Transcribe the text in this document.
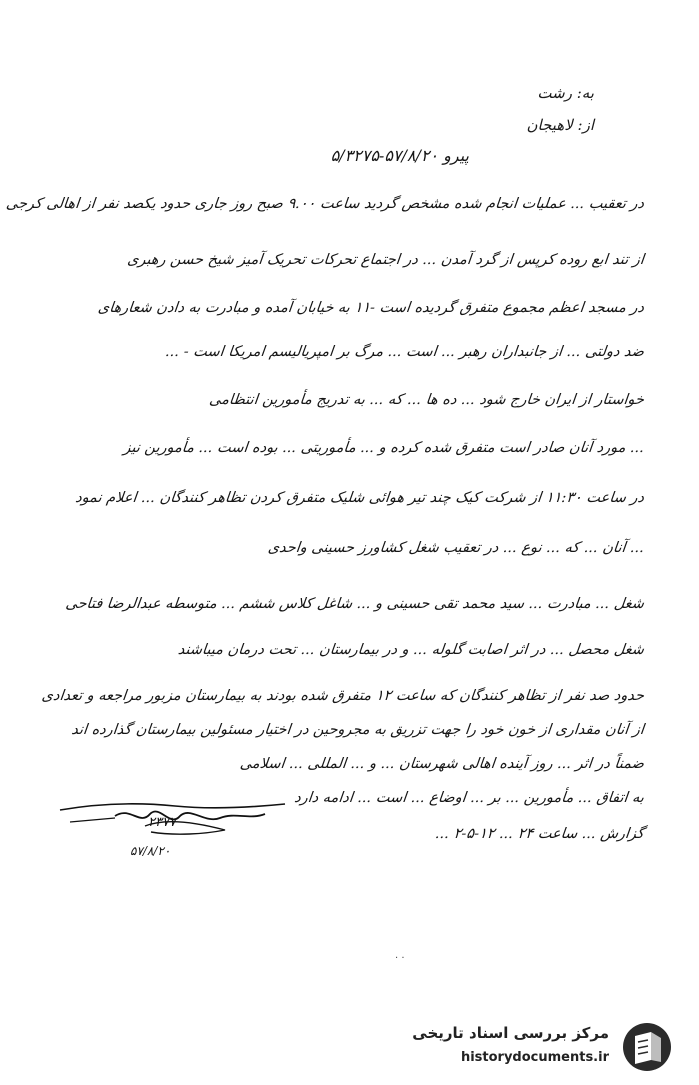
به: رشت
از: لاهیجان
پیرو ۵۷/۸/۲۰-۵/۳۲۷۵
در تعقیب ... عملیات انجام شده مشخص گردید ساعت ۹.۰۰ صبح روز جاری حدود یکصد نفر از اهالی کرجی
از تند ابع روده کرپس از گرد آمدن ... در اجتماع تحرکات تحریک آمیز شیخ حسن رهبری
در مسجد اعظم مجموع متفرق گردیده است -۱۱ به خیابان آمده و مبادرت به دادن شعارهای
ضد دولتی ... از جانبداران رهبر ... است ... مرگ بر امپریالیسم امریکا است - ...
خواستار از ایران خارج شود ... ده ها ... که ... به تدریج مأمورین انتظامی
... مورد آنان صادر است متفرق شده کرده و ... مأموریتی ... بوده است ... مأمورین نیز
در ساعت ۱۱:۳۰ از شرکت کیک چند تیر هوائی شلیک متفرق کردن تظاهر کنندگان ... اعلام نمود
... آنان ... که ... نوع ... در تعقیب شغل کشاورز حسینی واحدی
شغل ... مبادرت ... سید محمد تقی حسینی و ... شاغل کلاس ششم ... متوسطه عبدالرضا فتاحی
شغل محصل ... در اثر اصابت گلوله ... و در بیمارستان ... تحت درمان میباشند
حدود صد نفر از تظاهر کنندگان که ساعت ۱۲ متفرق شده بودند به بیمارستان مزبور مراجعه و تعدادی
از آنان مقداری از خون خود را جهت تزریق به مجروحین در اختیار مسئولین بیمارستان گذارده اند
ضمناً در اثر ... روز آینده اهالی شهرستان ... و ... المللی ... اسلامی
به اتفاق ... مأمورین ... بر ... اوضاع ... است ... ادامه دارد
گزارش ... ساعت ۲۴ ... ۱۲-۵-۲ ...
۲۳۷۷
۵۷/۸/۲۰
· ·
مرکز بررسی اسناد تاریخی
historydocuments.ir
